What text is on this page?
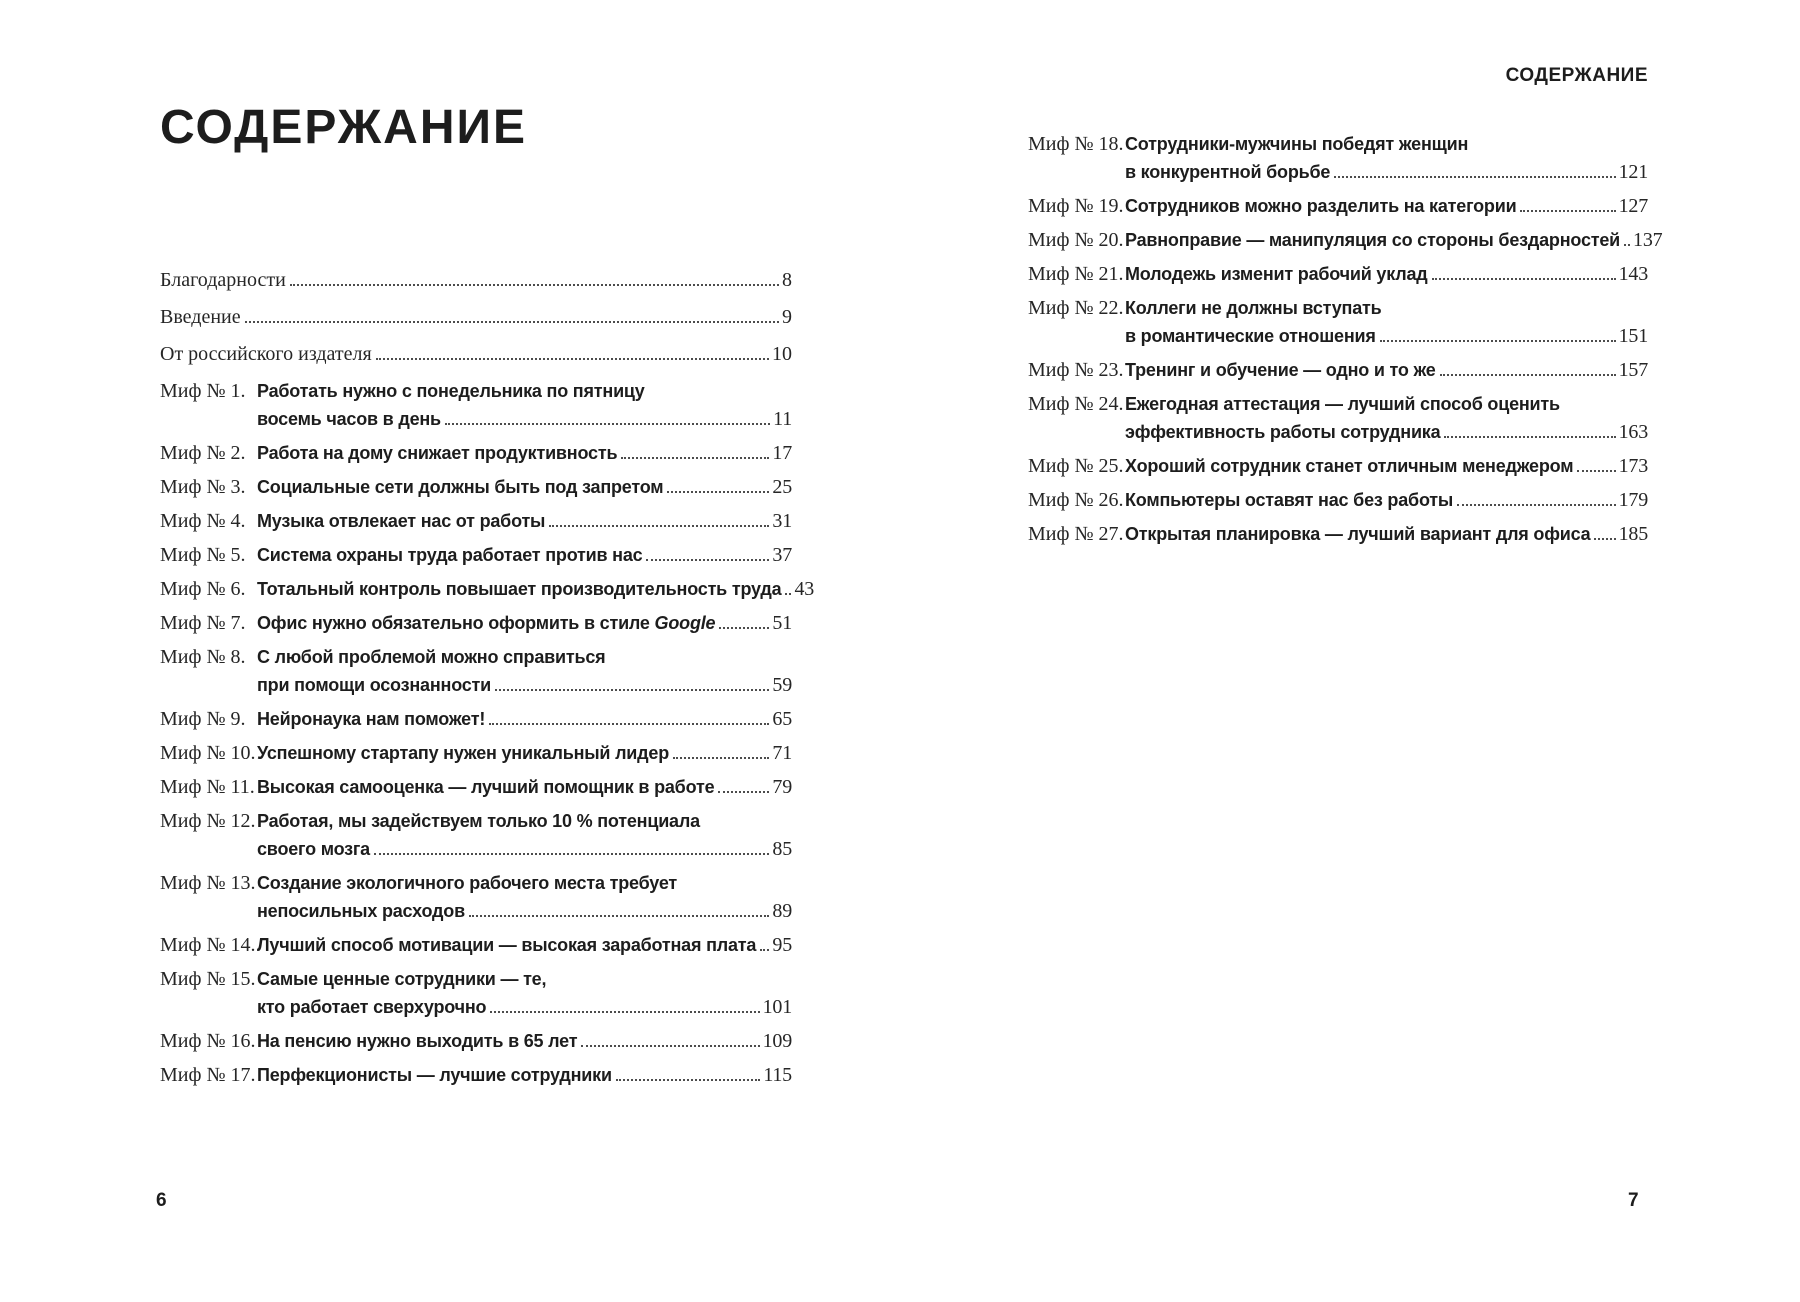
СОДЕРЖАНИЕ
Благодарности	8
Введение	9
От российского издателя	10
Миф № 1. Работать нужно с понедельника по пятницу
восемь часов в день	11
Миф № 2. Работа на дому снижает продуктивность	17
Миф № 3. Социальные сети должны быть под запретом	25
Миф № 4. Музыка отвлекает нас от работы	31
Миф № 5. Система охраны труда работает против нас	37
Миф № 6. Тотальный контроль повышает производительность труда 43
Миф № 7. Офис нужно обязательно оформить в стиле Google	51
Миф № 8. С любой проблемой можно справиться
при помощи осознанности	59
Миф № 9. Нейронаука нам поможет!	65
Миф № 10. Успешному стартапу нужен уникальный лидер	71
Миф № 11. Высокая самооценка — лучший помощник в работе	79
Миф № 12. Работая, мы задействуем только 10 % потенциала
своего мозга	85
Миф № 13. Создание экологичного рабочего места требует
непосильных расходов	89
Миф № 14. Лучший способ мотивации — высокая заработная плата 95
Миф № 15. Самые ценные сотрудники — те,
кто работает сверхурочно	101
Миф № 16. На пенсию нужно выходить в 65 лет	109
Миф № 17. Перфекционисты — лучшие сотрудники	115
СОДЕРЖАНИЕ
Миф № 18. Сотрудники-мужчины победят женщин
в конкурентной борьбе	121
Миф № 19. Сотрудников можно разделить на категории	127
Миф № 20. Равноправие — манипуляция со стороны бездарностей 137
Миф № 21. Молодежь изменит рабочий уклад	143
Миф № 22. Коллеги не должны вступать
в романтические отношения	151
Миф № 23. Тренинг и обучение — одно и то же	157
Миф № 24. Ежегодная аттестация — лучший способ оценить
эффективность работы сотрудника	163
Миф № 25. Хороший сотрудник станет отличным менеджером 173
Миф № 26. Компьютеры оставят нас без работы	179
Миф № 27. Открытая планировка — лучший вариант для офиса 185
6	7
